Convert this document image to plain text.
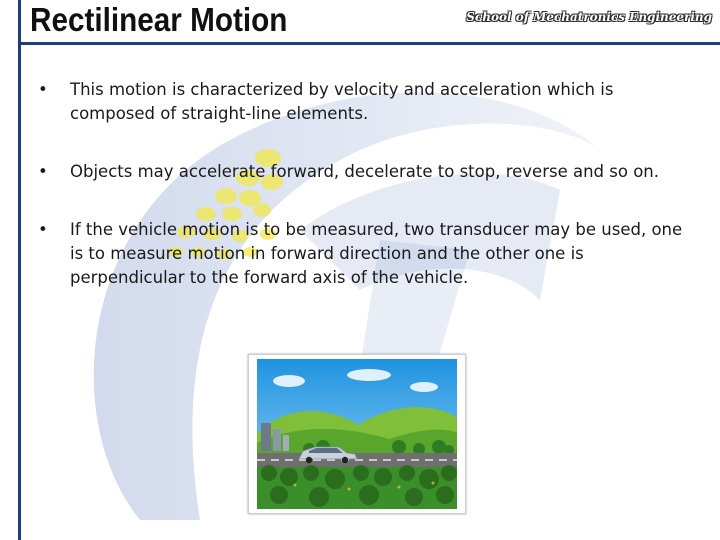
Rectilinear Motion	School of Mechatronics Engineering
• This motion is characterized by velocity and acceleration which is composed of straight-line elements.
• Objects may accelerate forward, decelerate to stop, reverse and so on.
• If the vehicle motion is to be measured, two transducer may be used, one is to measure motion in forward direction and the other one is perpendicular to the forward axis of the vehicle.
